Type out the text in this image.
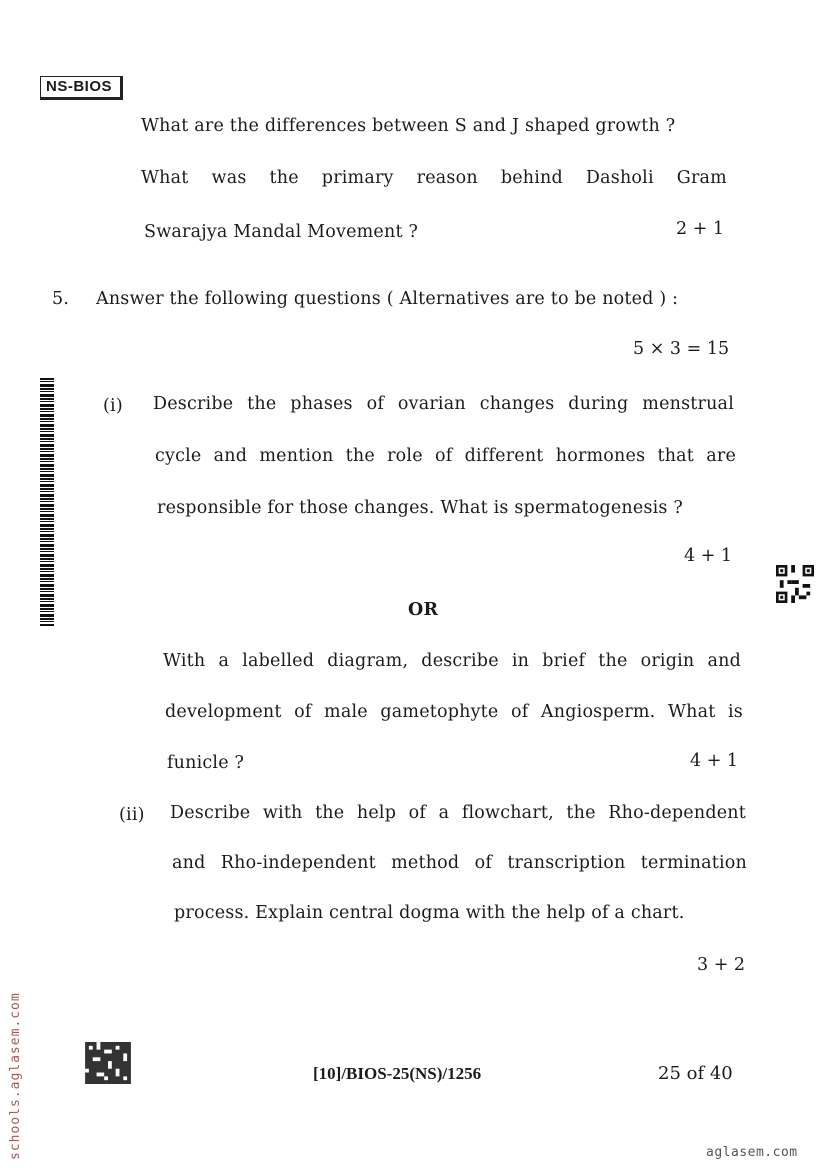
NS-BIOS
What are the differences between S and J shaped growth ?
What was the primary reason behind Dasholi Gram
Swarajya Mandal Movement ?	2 + 1
5. Answer the following questions ( Alternatives are to be noted ) :
5 × 3 = 15
(i) Describe the phases of ovarian changes during menstrual
cycle and mention the role of different hormones that are
responsible for those changes. What is spermatogenesis ?
4 + 1
OR
With a labelled diagram, describe in brief the origin and
development of male gametophyte of Angiosperm. What is
funicle ?	4 + 1
(ii) Describe with the help of a flowchart, the Rho-dependent
and Rho-independent method of transcription termination
process. Explain central dogma with the help of a chart.
3 + 2
[10]/BIOS-25(NS)/1256	25 of 40
schools.aglasem.com	aglasem.com
